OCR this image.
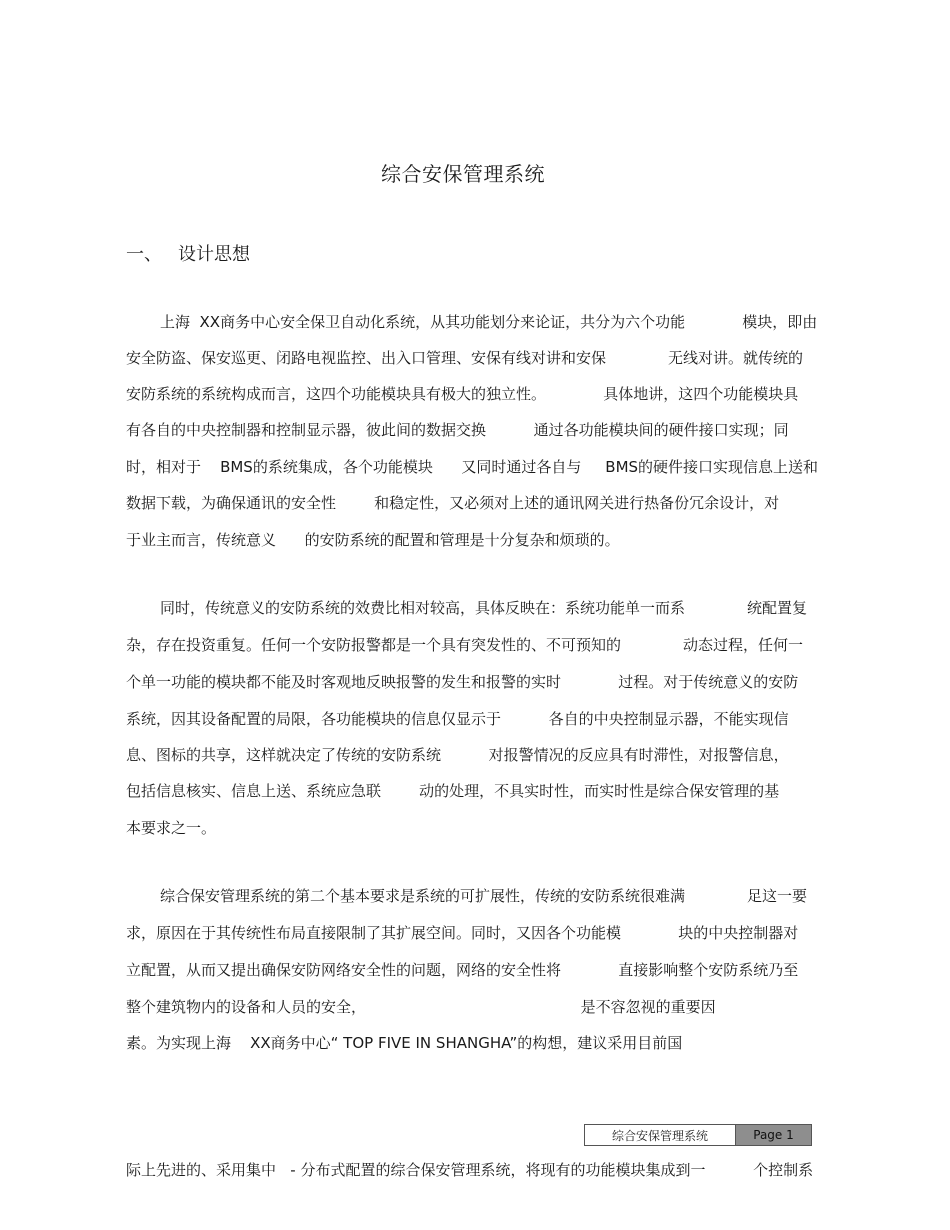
综合安保管理系统
一、 设计思想
上海  XX商务中心安全保卫自动化系统，从其功能划分来论证，共分为六个功能            模块，即由
安全防盗、保安巡更、闭路电视监控、出入口管理、安保有线对讲和安保             无线对讲。就传统的
安防系统的系统构成而言，这四个功能模块具有极大的独立性。            具体地讲，这四个功能模块具
有各自的中央控制器和控制显示器，彼此间的数据交换          通过各功能模块间的硬件接口实现；同
时，相对于    BMS的系统集成，各个功能模块      又同时通过各自与     BMS的硬件接口实现信息上送和
数据下载，为确保通讯的安全性        和稳定性，又必须对上述的通讯网关进行热备份冗余设计，对
于业主而言，传统意义      的安防系统的配置和管理是十分复杂和烦琐的。
同时，传统意义的安防系统的效费比相对较高，具体反映在：系统功能单一而系             统配置复
杂，存在投资重复。任何一个安防报警都是一个具有突发性的、不可预知的             动态过程，任何一
个单一功能的模块都不能及时客观地反映报警的发生和报警的实时            过程。对于传统意义的安防
系统，因其设备配置的局限，各功能模块的信息仅显示于          各自的中央控制显示器，不能实现信
息、图标的共享，这样就决定了传统的安防系统          对报警情况的反应具有时滞性，对报警信息，
包括信息核实、信息上送、系统应急联        动的处理，不具实时性，而实时性是综合保安管理的基
本要求之一。
综合保安管理系统的第二个基本要求是系统的可扩展性，传统的安防系统很难满             足这一要
求，原因在于其传统性布局直接限制了其扩展空间。同时，又因各个功能模            块的中央控制器对
立配置，从而又提出确保安防网络安全性的问题，网络的安全性将            直接影响整个安防系统乃至
整个建筑物内的设备和人员的安全，                                             是不容忽视的重要因
素。为实现上海    XX商务中心“ TOP FIVE IN SHANGHA”的构想，建议采用目前国
综合安保管理系统	Page 1
际上先进的、采用集中   - 分布式配置的综合保安管理系统，将现有的功能模块集成到一          个控制系
